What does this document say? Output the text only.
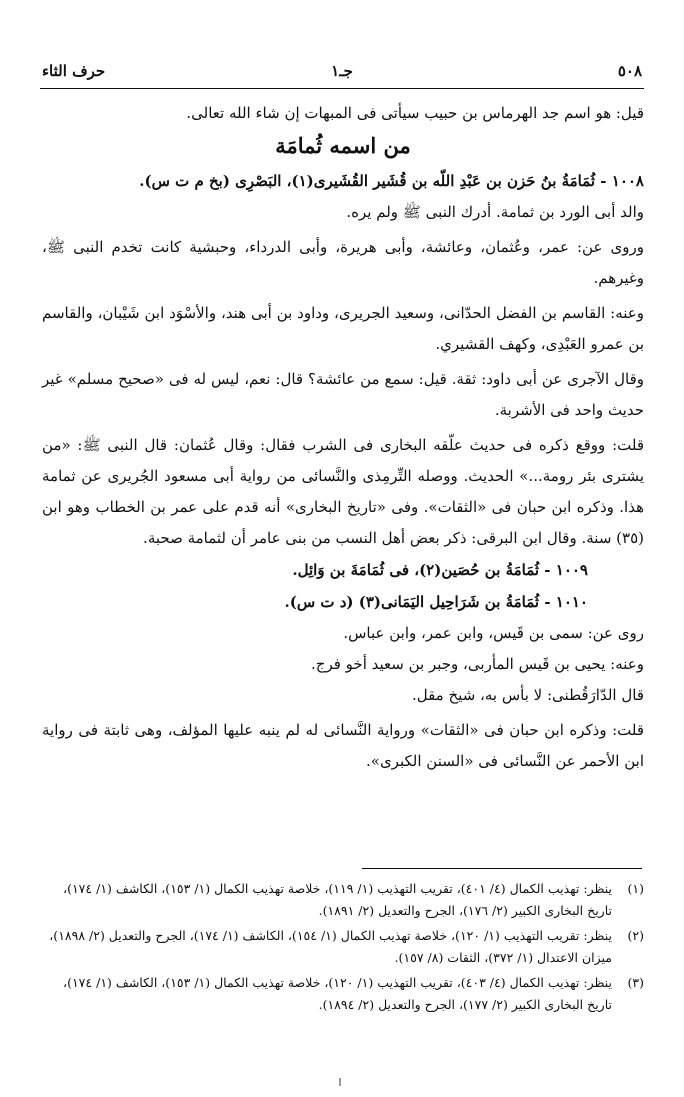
٥٠٨
جـ١
حرف الثاء

قيل: هو اسم جد الهرماس بن حبيب سيأتى فى المبهات إن شاء الله تعالى.

من اسمه ثُمامَة

١٠٠٨ - ثُمَامَةُ بنُ حَزن بن عَبْدِ اللّه بن قُشَير القُشَيرى(١)، البَصْرِى (بخ م ت س).

والد أبى الورد بن ثمامة. أدرك النبى ﷺ ولم يره.

وروى عن: عمر، وعُثمان، وعائشة، وأبى هريرة، وأبى الدرداء، وحبشية كانت تخدم النبى ﷺ، وغيرهم.

وعنه: القاسم بن الفضل الحدّانى، وسعيد الجريرى، وداود بن أبى هند، والأسْوَد ابن شَيْبان، والقاسم بن عمرو العَبْدِى، وكهف القشيري.

وقال الآجرى عن أبى داود: ثقة. قيل: سمع من عائشة؟ قال: نعم، ليس له فى «صحيح مسلم» غير حديث واحد فى الأشربة.

قلت: ووقع ذكره فى حديث علّقه البخارى فى الشرب فقال: وقال عُثمان: قال النبى ﷺ: «من يشترى بئر رومة...» الحديث. ووصله التِّرمِذى والنَّسائى من رواية أبى مسعود الجُريرى عن ثمامة هذا. وذكره ابن حبان فى «الثقات». وفى «تاريخ البخارى» أنه قدم على عمر بن الخطاب وهو ابن (٣٥) سنة. وقال ابن البرقى: ذكر بعض أهل النسب من بنى عامر أن لثمامة صحبة.

١٠٠٩ - ثُمَامَةُ بن حُصَين(٢)، فى ثُمَامَةَ بن وَائِل.

١٠١٠ - ثُمَامَةُ بن شَرَاحِيل اليَمَانى(٣) (د ت س).

روى عن: سمى بن قَيس، وابن عمر، وابن عباس.

وعنه: يحيى بن قَيس المأربى، وجبر بن سعيد أخو فرج.

قال الدّارَقُطنى: لا بأس به، شيخ مقل.

قلت: وذكره ابن حبان فى «الثقات» ورواية النَّسائى له لم ينبه عليها المؤلف، وهى ثابتة فى رواية ابن الأحمر عن النَّسائى فى «السنن الكبرى».

(١)
ينظر: تهذيب الكمال (٤/ ٤٠١)، تقريب التهذيب (١/ ١١٩)، خلاصة تهذيب الكمال (١/ ١٥٣)، الكاشف (١/ ١٧٤)، تاريخ البخارى الكبير (٢/ ١٧٦)، الجرح والتعديل (٢/ ١٨٩١).

(٢)
ينظر: تقريب التهذيب (١/ ١٢٠)، خلاصة تهذيب الكمال (١/ ١٥٤)، الكاشف (١/ ١٧٤)، الجرح والتعديل (٢/ ١٨٩٨)، ميزان الاعتدال (١/ ٣٧٢)، الثقات (٨/ ١٥٧).

(٣)
ينظر: تهذيب الكمال (٤/ ٤٠٣)، تقريب التهذيب (١/ ١٢٠)، خلاصة تهذيب الكمال (١/ ١٥٣)، الكاشف (١/ ١٧٤)، تاريخ البخارى الكبير (٢/ ١٧٧)، الجرح والتعديل (٢/ ١٨٩٤).
